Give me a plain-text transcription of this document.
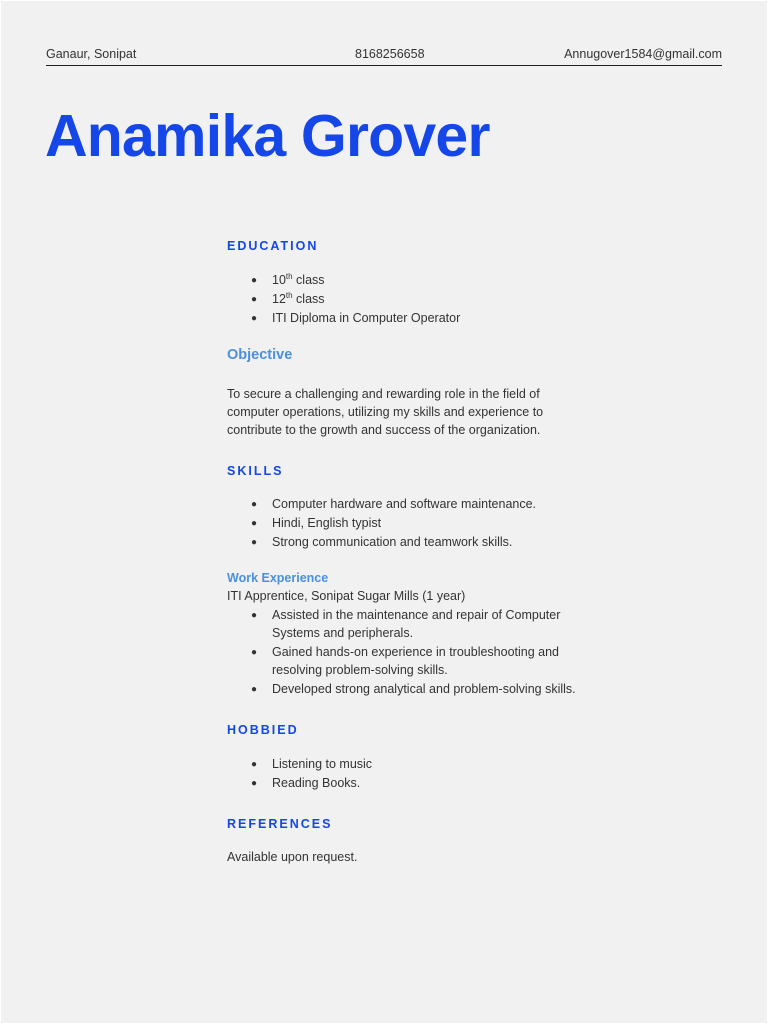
Ganaur, Sonipat	8168256658	Annugover1584@gmail.com
Anamika Grover
EDUCATION
● 10th class
● 12th class
● ITI Diploma in Computer Operator
Objective

To secure a challenging and rewarding role in the field of computer operations, utilizing my skills and experience to contribute to the growth and success of the organization.

SKILLS
● Computer hardware and software maintenance.
● Hindi, English typist
● Strong communication and teamwork skills.
Work Experience

ITI Apprentice, Sonipat Sugar Mills (1 year)

● Assisted in the maintenance and repair of Computer Systems and peripherals.
● Gained hands-on experience in troubleshooting and resolving problem-solving skills.
● Developed strong analytical and problem-solving skills.
HOBBIED
● Listening to music
● Reading Books.
REFERENCES

Available upon request.
